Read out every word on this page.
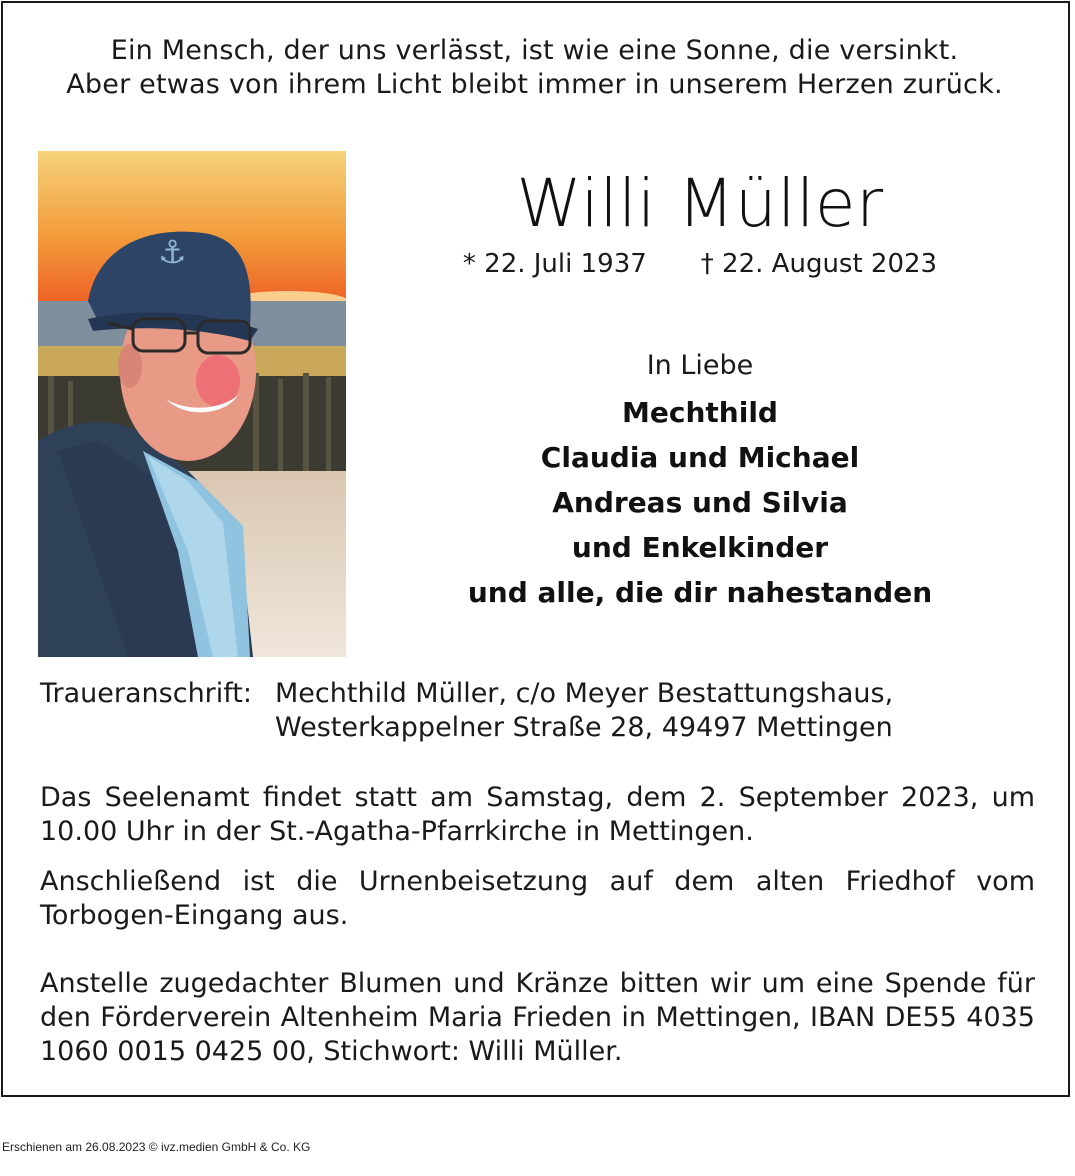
Ein Mensch, der uns verlässt, ist wie eine Sonne, die versinkt.
Aber etwas von ihrem Licht bleibt immer in unserem Herzen zurück.
⚓
Willi Müller
* 22. Juli 1937 † 22. August 2023
In Liebe
Mechthild
Claudia und Michael
Andreas und Silvia
und Enkelkinder
und alle, die dir nahestanden
Traueranschrift: Mechthild Müller, c/o Meyer Bestattungshaus,
Westerkappelner Straße 28, 49497 Mettingen
Das Seelenamt findet statt am Samstag, dem 2. September 2023, um 10.00 Uhr in der St.-Agatha-Pfarrkirche in Mettingen.
Anschließend ist die Urnenbeisetzung auf dem alten Friedhof vom Torbogen-Eingang aus.
Anstelle zugedachter Blumen und Kränze bitten wir um eine Spende für den Förderverein Altenheim Maria Frieden in Mettingen, IBAN DE55 4035 1060 0015 0425 00, Stichwort: Willi Müller.
Erschienen am 26.08.2023 © ivz.medien GmbH & Co. KG
